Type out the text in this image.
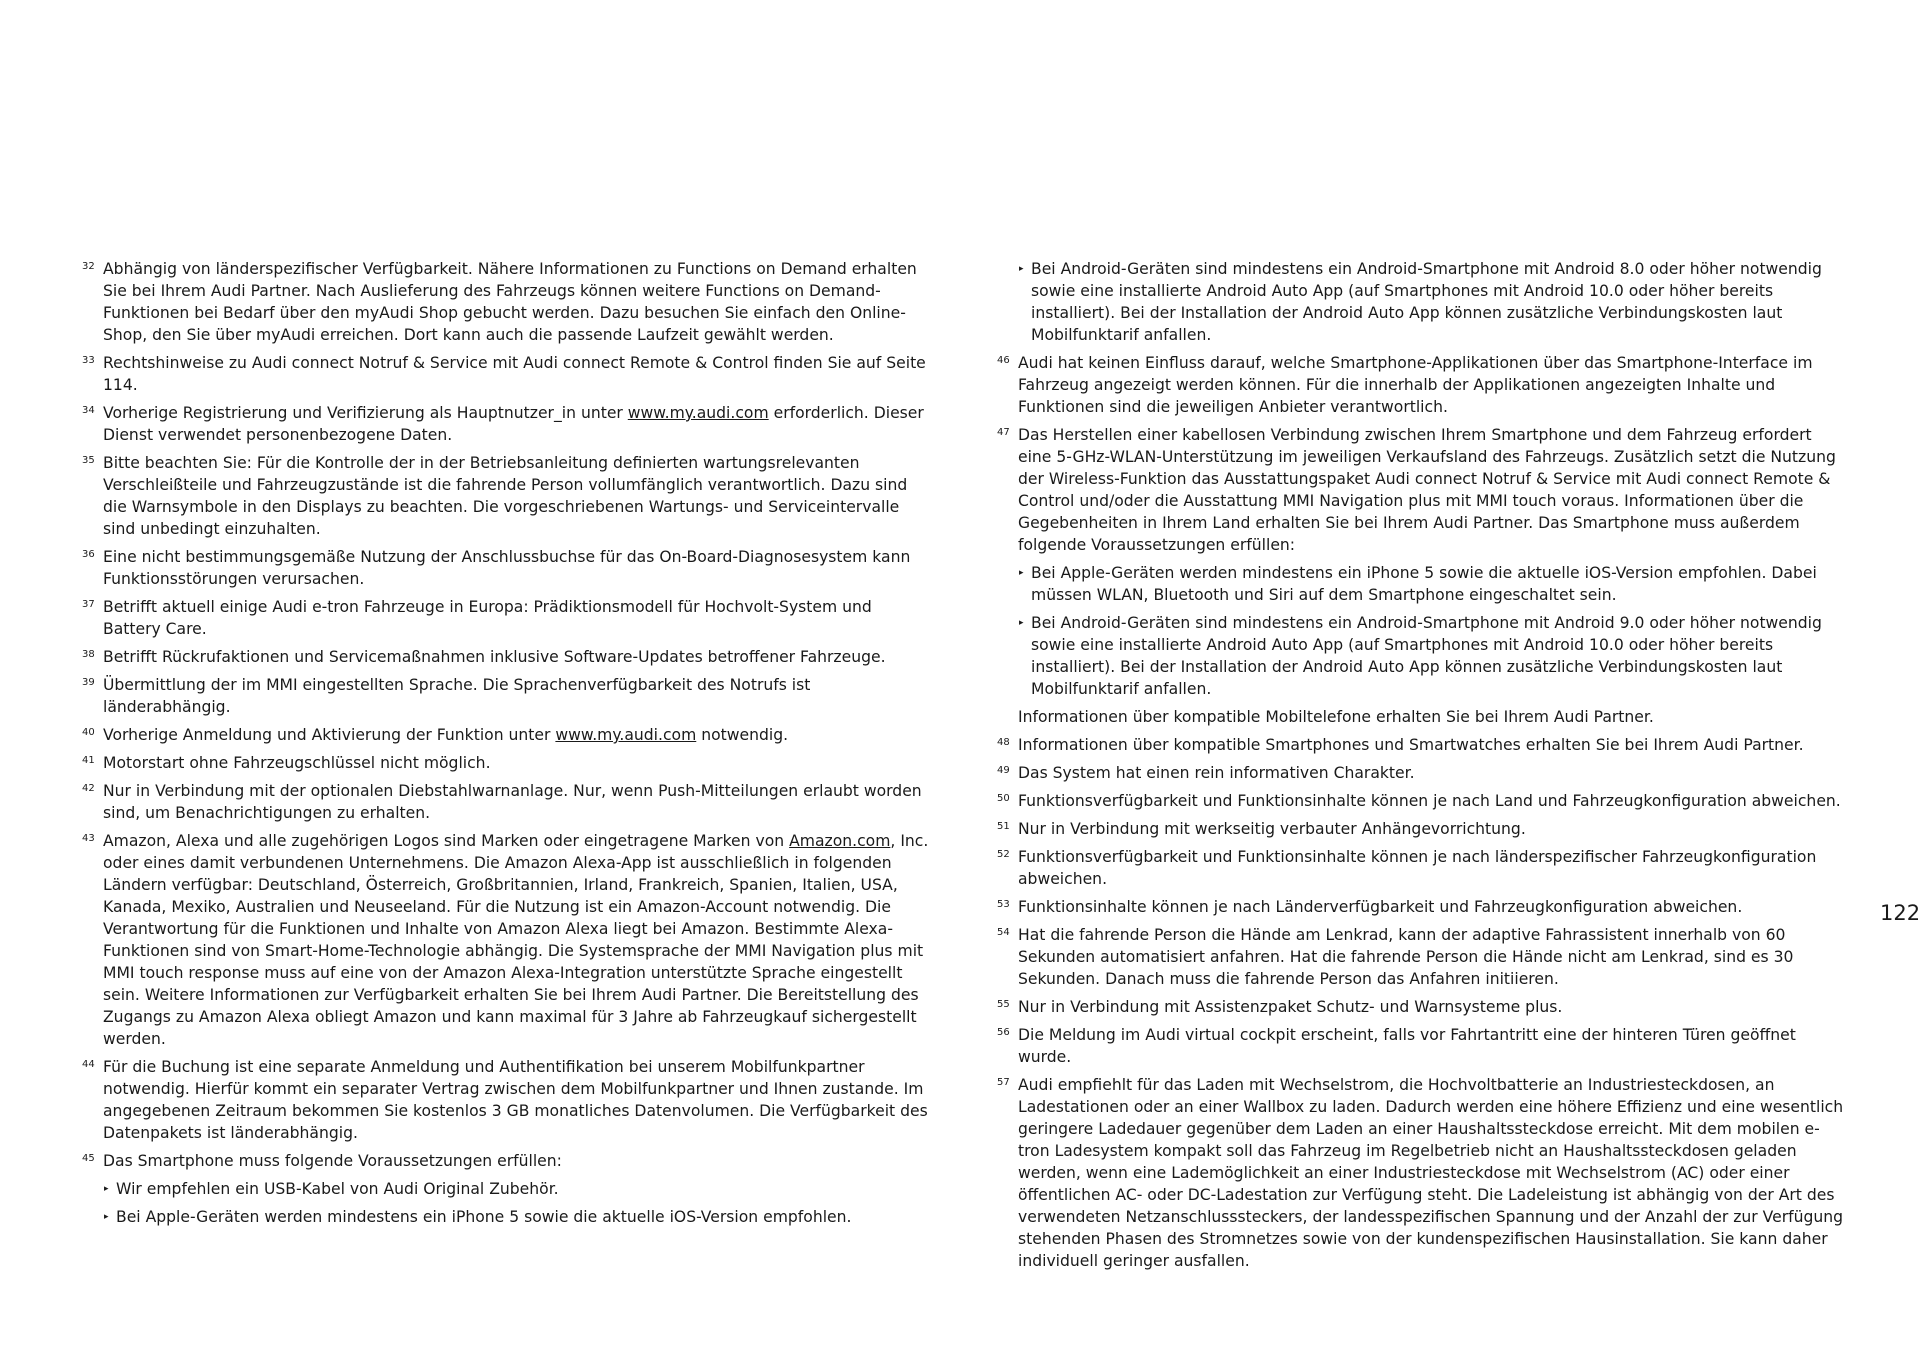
32 Abhängig von länderspezifischer Verfügbarkeit. Nähere Informationen zu Functions on Demand erhalten Sie bei Ihrem Audi Partner. Nach Auslieferung des Fahrzeugs können weitere Functions on Demand-Funktionen bei Bedarf über den myAudi Shop gebucht werden. Dazu besuchen Sie einfach den Online-Shop, den Sie über myAudi erreichen. Dort kann auch die passende Laufzeit gewählt werden.

33 Rechtshinweise zu Audi connect Notruf & Service mit Audi connect Remote & Control finden Sie auf Seite 114.

34 Vorherige Registrierung und Verifizierung als Hauptnutzer_in unter www.my.audi.com erforderlich. Dieser Dienst verwendet personenbezogene Daten.

35 Bitte beachten Sie: Für die Kontrolle der in der Betriebsanleitung definierten wartungsrelevanten Verschleißteile und Fahrzeugzustände ist die fahrende Person vollumfänglich verantwortlich. Dazu sind die Warnsymbole in den Displays zu beachten. Die vorgeschriebenen Wartungs- und Serviceintervalle sind unbedingt einzuhalten.

36 Eine nicht bestimmungsgemäße Nutzung der Anschlussbuchse für das On-Board-Diagnosesystem kann Funktionsstörungen verursachen.

37 Betrifft aktuell einige Audi e-tron Fahrzeuge in Europa: Prädiktionsmodell für Hochvolt-System und Battery Care.

38 Betrifft Rückrufaktionen und Servicemaßnahmen inklusive Software-Updates betroffener Fahrzeuge.

39 Übermittlung der im MMI eingestellten Sprache. Die Sprachenverfügbarkeit des Notrufs ist länderabhängig.

40 Vorherige Anmeldung und Aktivierung der Funktion unter www.my.audi.com notwendig.

41 Motorstart ohne Fahrzeugschlüssel nicht möglich.

42 Nur in Verbindung mit der optionalen Diebstahlwarnanlage. Nur, wenn Push-Mitteilungen erlaubt worden sind, um Benachrichtigungen zu erhalten.

43 Amazon, Alexa und alle zugehörigen Logos sind Marken oder eingetragene Marken von Amazon.com, Inc. oder eines damit verbundenen Unternehmens. Die Amazon Alexa-App ist ausschließlich in folgenden Ländern verfügbar: Deutschland, Österreich, Großbritannien, Irland, Frankreich, Spanien, Italien, USA, Kanada, Mexiko, Australien und Neuseeland. Für die Nutzung ist ein Amazon-Account notwendig. Die Verantwortung für die Funktionen und Inhalte von Amazon Alexa liegt bei Amazon. Bestimmte Alexa-Funktionen sind von Smart-Home-Technologie abhängig. Die Systemsprache der MMI Navigation plus mit MMI touch response muss auf eine von der Amazon Alexa-Integration unterstützte Sprache eingestellt sein. Weitere Informationen zur Verfügbarkeit erhalten Sie bei Ihrem Audi Partner. Die Bereitstellung des Zugangs zu Amazon Alexa obliegt Amazon und kann maximal für 3 Jahre ab Fahrzeugkauf sichergestellt werden.

44 Für die Buchung ist eine separate Anmeldung und Authentifikation bei unserem Mobilfunkpartner notwendig. Hierfür kommt ein separater Vertrag zwischen dem Mobilfunkpartner und Ihnen zustande. Im angegebenen Zeitraum bekommen Sie kostenlos 3 GB monatliches Datenvolumen. Die Verfügbarkeit des Datenpakets ist länderabhängig.

45 Das Smartphone muss folgende Voraussetzungen erfüllen:

▸ Wir empfehlen ein USB-Kabel von Audi Original Zubehör.
▸ Bei Apple-Geräten werden mindestens ein iPhone 5 sowie die aktuelle iOS-Version empfohlen.
▸ Bei Android-Geräten sind mindestens ein Android-Smartphone mit Android 8.0 oder höher notwendig sowie eine installierte Android Auto App (auf Smartphones mit Android 10.0 oder höher bereits installiert). Bei der Installation der Android Auto App können zusätzliche Verbindungskosten laut Mobilfunktarif anfallen.
46 Audi hat keinen Einfluss darauf, welche Smartphone-Applikationen über das Smartphone-Interface im Fahrzeug angezeigt werden können. Für die innerhalb der Applikationen angezeigten Inhalte und Funktionen sind die jeweiligen Anbieter verantwortlich.

47 Das Herstellen einer kabellosen Verbindung zwischen Ihrem Smartphone und dem Fahrzeug erfordert eine 5-GHz-WLAN-Unterstützung im jeweiligen Verkaufsland des Fahrzeugs. Zusätzlich setzt die Nutzung der Wireless-Funktion das Ausstattungspaket Audi connect Notruf & Service mit Audi connect Remote & Control und/oder die Ausstattung MMI Navigation plus mit MMI touch voraus. Informationen über die Gegebenheiten in Ihrem Land erhalten Sie bei Ihrem Audi Partner. Das Smartphone muss außerdem folgende Voraussetzungen erfüllen:

▸ Bei Apple-Geräten werden mindestens ein iPhone 5 sowie die aktuelle iOS-Version empfohlen. Dabei müssen WLAN, Bluetooth und Siri auf dem Smartphone eingeschaltet sein.
▸ Bei Android-Geräten sind mindestens ein Android-Smartphone mit Android 9.0 oder höher notwendig sowie eine installierte Android Auto App (auf Smartphones mit Android 10.0 oder höher bereits installiert). Bei der Installation der Android Auto App können zusätzliche Verbindungskosten laut Mobilfunktarif anfallen.

Informationen über kompatible Mobiltelefone erhalten Sie bei Ihrem Audi Partner.

48 Informationen über kompatible Smartphones und Smartwatches erhalten Sie bei Ihrem Audi Partner.

49 Das System hat einen rein informativen Charakter.

50 Funktionsverfügbarkeit und Funktionsinhalte können je nach Land und Fahrzeugkonfiguration abweichen.

51 Nur in Verbindung mit werkseitig verbauter Anhängevorrichtung.

52 Funktionsverfügbarkeit und Funktionsinhalte können je nach länderspezifischer Fahrzeugkonfiguration abweichen.

53 Funktionsinhalte können je nach Länderverfügbarkeit und Fahrzeugkonfiguration abweichen.

54 Hat die fahrende Person die Hände am Lenkrad, kann der adaptive Fahrassistent innerhalb von 60 Sekunden automatisiert anfahren. Hat die fahrende Person die Hände nicht am Lenkrad, sind es 30 Sekunden. Danach muss die fahrende Person das Anfahren initiieren.

55 Nur in Verbindung mit Assistenzpaket Schutz- und Warnsysteme plus.

56 Die Meldung im Audi virtual cockpit erscheint, falls vor Fahrtantritt eine der hinteren Türen geöffnet wurde.

57 Audi empfiehlt für das Laden mit Wechselstrom, die Hochvoltbatterie an Industriesteckdosen, an Ladestationen oder an einer Wallbox zu laden. Dadurch werden eine höhere Effizienz und eine wesentlich geringere Ladedauer gegenüber dem Laden an einer Haushaltssteckdose erreicht. Mit dem mobilen e-tron Ladesystem kompakt soll das Fahrzeug im Regelbetrieb nicht an Haushaltssteckdosen geladen werden, wenn eine Lademöglichkeit an einer Industriesteckdose mit Wechselstrom (AC) oder einer öffentlichen AC- oder DC-Ladestation zur Verfügung steht. Die Ladeleistung ist abhängig von der Art des verwendeten Netzanschlusssteckers, der landesspezifischen Spannung und der Anzahl der zur Verfügung stehenden Phasen des Stromnetzes sowie von der kundenspezifischen Hausinstallation. Sie kann daher individuell geringer ausfallen.

122
